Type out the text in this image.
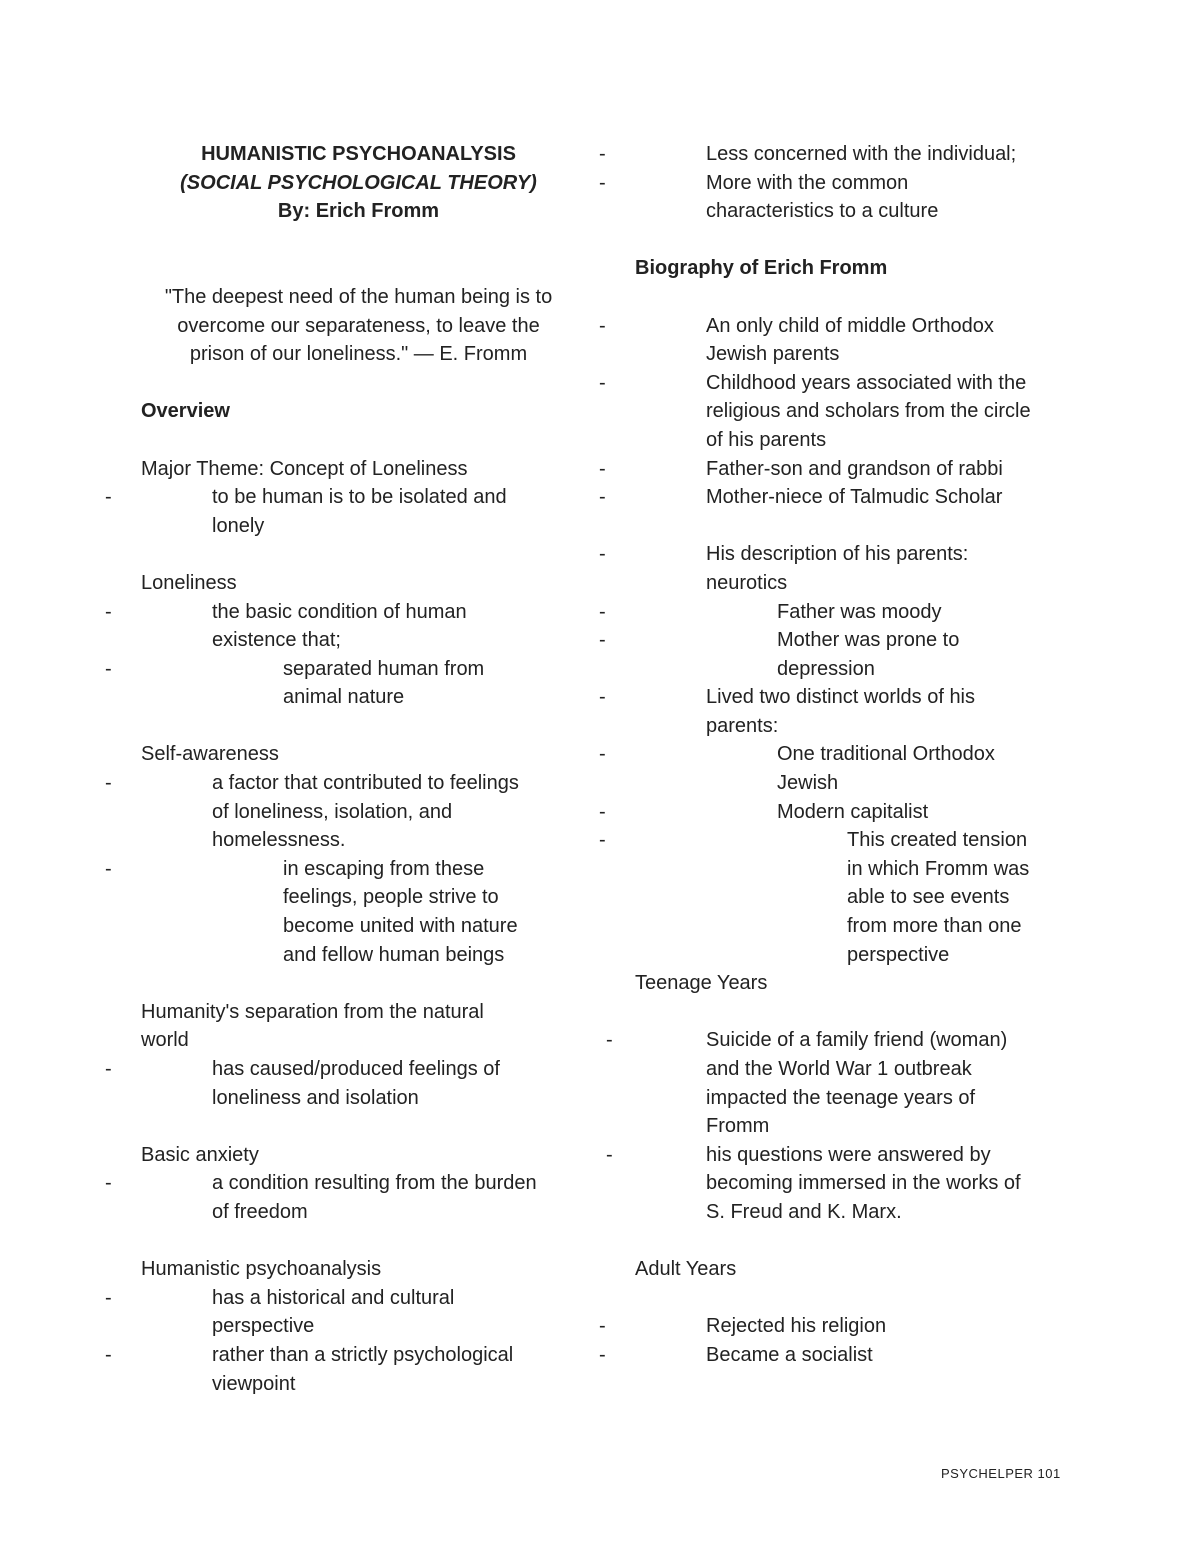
HUMANISTIC PSYCHOANALYSIS
(SOCIAL PSYCHOLOGICAL THEORY)
By: Erich Fromm
"The deepest need of the human being is to
overcome our separateness, to leave the
prison of our loneliness." — E. Fromm
Overview
Major Theme: Concept of Loneliness
-	to be human is to be isolated and
lonely
Loneliness
-	the basic condition of human
existence that;
-	separated human from
animal nature
Self-awareness
-	a factor that contributed to feelings
of loneliness, isolation, and
homelessness.
-	in escaping from these
feelings, people strive to
become united with nature
and fellow human beings
Humanity's separation from the natural
world
-	has caused/produced feelings of
loneliness and isolation
Basic anxiety
-	a condition resulting from the burden
of freedom
Humanistic psychoanalysis
-	has a historical and cultural
perspective
-	rather than a strictly psychological
viewpoint
-	Less concerned with the individual;
-	More with the common
characteristics to a culture
Biography of Erich Fromm
-	An only child of middle Orthodox
Jewish parents
-	Childhood years associated with the
religious and scholars from the circle
of his parents
-	Father-son and grandson of rabbi
-	Mother-niece of Talmudic Scholar
-	His description of his parents:
neurotics
-	Father was moody
-	Mother was prone to
depression
-	Lived two distinct worlds of his
parents:
-	One traditional Orthodox
Jewish
-	Modern capitalist
-	This created tension
in which Fromm was
able to see events
from more than one
perspective
Teenage Years
-	Suicide of a family friend (woman)
and the World War 1 outbreak
impacted the teenage years of
Fromm
-	his questions were answered by
becoming immersed in the works of
S. Freud and K. Marx.
Adult Years
-	Rejected his religion
-	Became a socialist
PSYCHELPER 101
